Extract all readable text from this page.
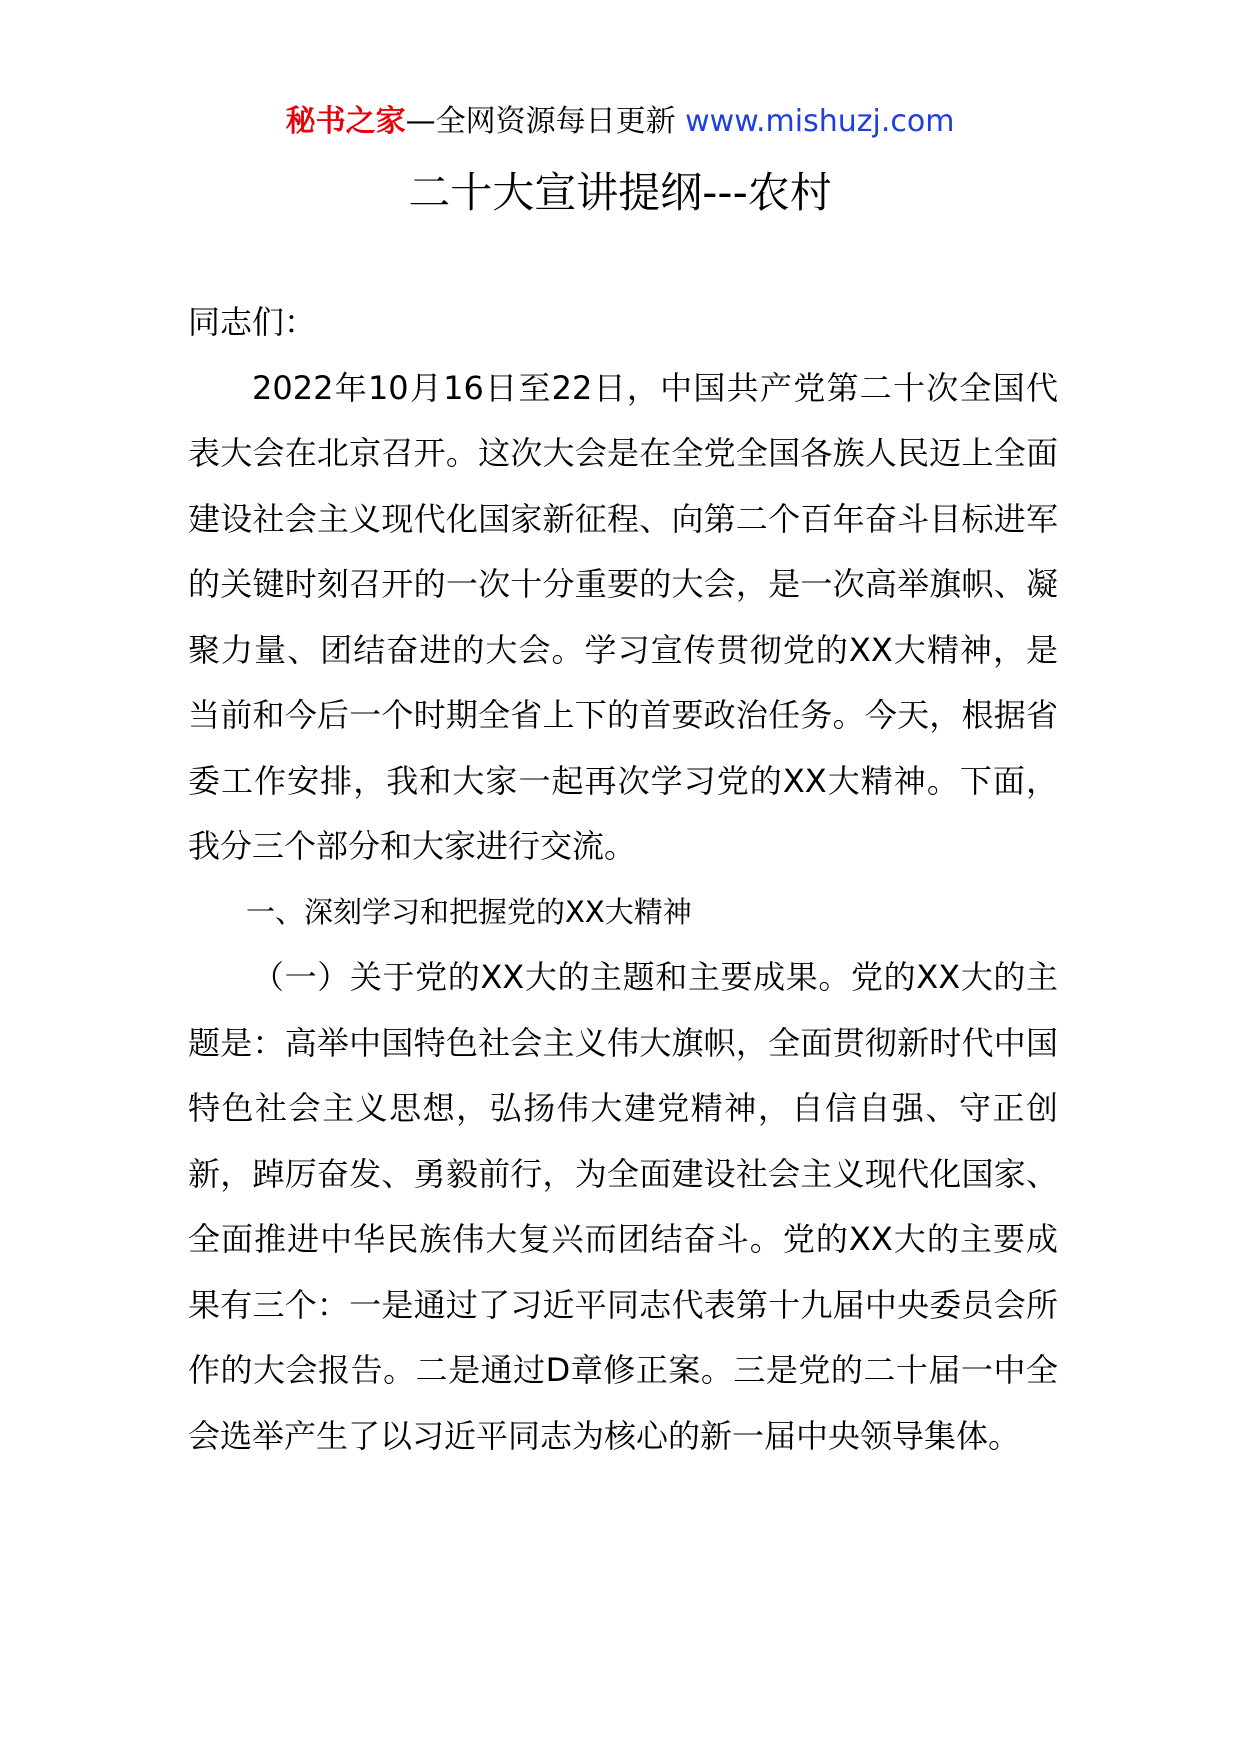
秘书之家—全网资源每日更新 www.mishuzj.com
二十大宣讲提纲---农村

同志们：

2022年10月16日至22日，中国共产党第二十次全国代表大会在北京召开。这次大会是在全党全国各族人民迈上全面建设社会主义现代化国家新征程、向第二个百年奋斗目标进军的关键时刻召开的一次十分重要的大会，是一次高举旗帜、凝聚力量、团结奋进的大会。学习宣传贯彻党的XX大精神，是当前和今后一个时期全省上下的首要政治任务。今天，根据省委工作安排，我和大家一起再次学习党的XX大精神。下面，我分三个部分和大家进行交流。

一、深刻学习和把握党的XX大精神

（一）关于党的XX大的主题和主要成果。党的XX大的主题是：高举中国特色社会主义伟大旗帜，全面贯彻新时代中国特色社会主义思想，弘扬伟大建党精神，自信自强、守正创新，踔厉奋发、勇毅前行，为全面建设社会主义现代化国家、全面推进中华民族伟大复兴而团结奋斗。党的XX大的主要成果有三个：一是通过了习近平同志代表第十九届中央委员会所作的大会报告。二是通过D章修正案。三是党的二十届一中全会选举产生了以习近平同志为核心的新一届中央领导集体。
